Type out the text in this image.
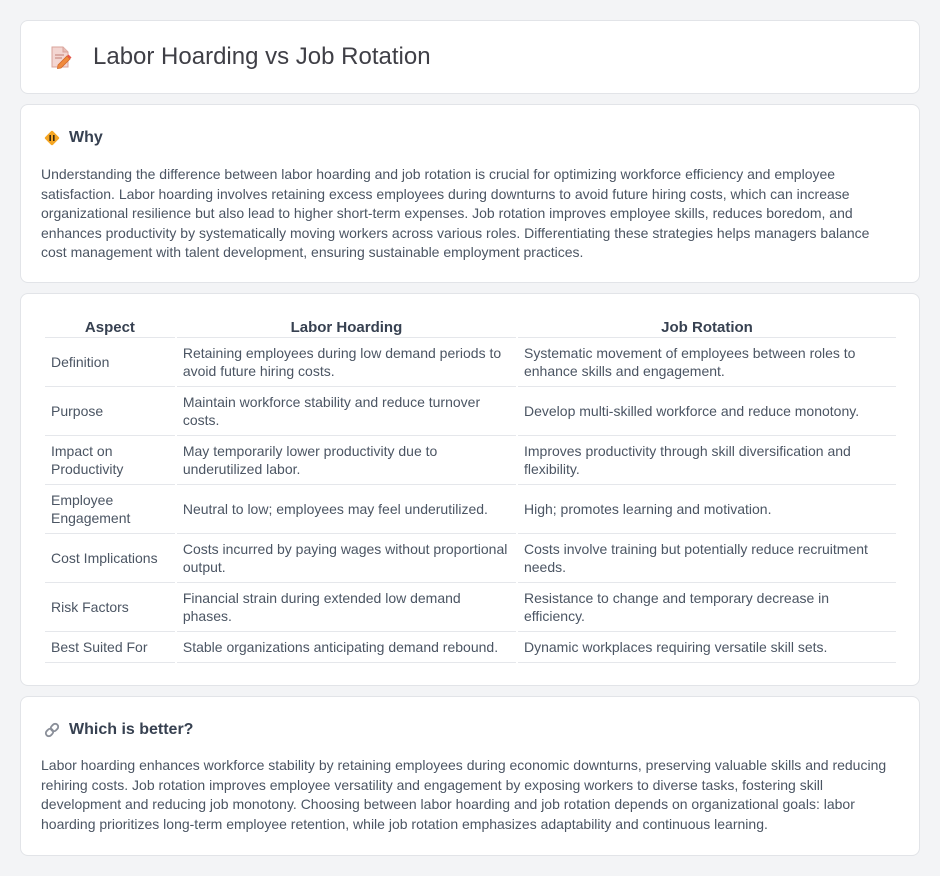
Labor Hoarding vs Job Rotation
Why

Understanding the difference between labor hoarding and job rotation is crucial for optimizing workforce efficiency and employee satisfaction. Labor hoarding involves retaining excess employees during downturns to avoid future hiring costs, which can increase organizational resilience but also lead to higher short-term expenses. Job rotation improves employee skills, reduces boredom, and enhances productivity by systematically moving workers across various roles. Differentiating these strategies helps managers balance cost management with talent development, ensuring sustainable employment practices.

Aspect	Labor Hoarding	Job Rotation
Definition	Retaining employees during low demand periods to avoid future hiring costs.	Systematic movement of employees between roles to enhance skills and engagement.
Purpose	Maintain workforce stability and reduce turnover costs.	Develop multi-skilled workforce and reduce monotony.
Impact on Productivity	May temporarily lower productivity due to underutilized labor.	Improves productivity through skill diversification and flexibility.
Employee Engagement	Neutral to low; employees may feel underutilized.	High; promotes learning and motivation.
Cost Implications	Costs incurred by paying wages without proportional output.	Costs involve training but potentially reduce recruitment needs.
Risk Factors	Financial strain during extended low demand phases.	Resistance to change and temporary decrease in efficiency.
Best Suited For	Stable organizations anticipating demand rebound.	Dynamic workplaces requiring versatile skill sets.
Which is better?

Labor hoarding enhances workforce stability by retaining employees during economic downturns, preserving valuable skills and reducing rehiring costs. Job rotation improves employee versatility and engagement by exposing workers to diverse tasks, fostering skill development and reducing job monotony. Choosing between labor hoarding and job rotation depends on organizational goals: labor hoarding prioritizes long-term employee retention, while job rotation emphasizes adaptability and continuous learning.
